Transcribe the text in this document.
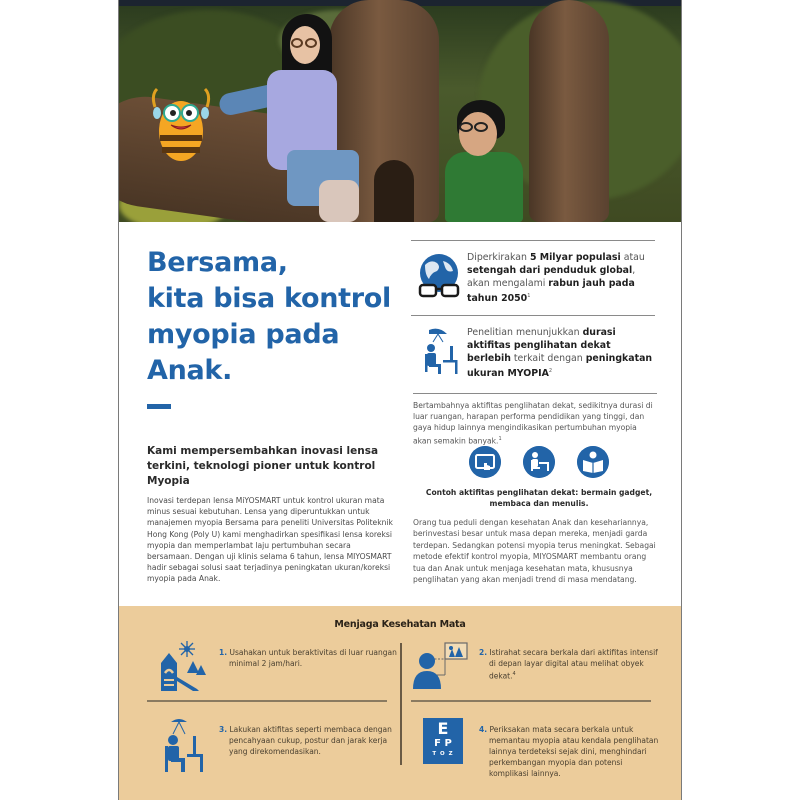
Bersama,
kita bisa kontrol
myopia pada
Anak.
Kami mempersembahkan inovasi lensa terkini, teknologi pioner untuk kontrol Myopia
Inovasi terdepan lensa MiYOSMART untuk kontrol ukuran mata minus sesuai kebutuhan. Lensa yang diperuntukkan untuk manajemen myopia Bersama para peneliti Universitas Politeknik Hong Kong (Poly U) kami menghadirkan spesifikasi lensa koreksi myopia dan memperlambat laju pertumbuhan secara bersamaan. Dengan uji klinis selama 6 tahun, lensa MIYOSMART hadir sebagai solusi saat terjadinya peningkatan ukuran/koreksi myopia pada Anak.
Diperkirakan 5 Milyar populasi atau setengah dari penduduk global, akan mengalami rabun jauh pada tahun 2050$^1$
Penelitian menunjukkan durasi aktifitas penglihatan dekat berlebih terkait dengan peningkatan ukuran MYOPIA$^2$
Bertambahnya aktifitas penglihatan dekat, sedikitnya durasi di luar ruangan, harapan performa pendidikan yang tinggi, dan gaya hidup lainnya mengindikasikan pertumbuhan myopia akan semakin banyak.$^1$
Contoh aktifitas penglihatan dekat: bermain gadget, membaca dan menulis.
Orang tua peduli dengan kesehatan Anak dan kesehariannya, berinvestasi besar untuk masa depan mereka, menjadi garda terdepan. Sedangkan potensi myopia terus meningkat. Sebagai metode efektif kontrol myopia, MIYOSMART membantu orang tua dan Anak untuk menjaga kesehatan mata, khususnya penglihatan yang akan menjadi trend di masa mendatang.
Menjaga Kesehatan Mata
1. Usahakan untuk beraktivitas di luar ruangan minimal 2 jam/hari.
2. Istirahat secara berkala dari aktifitas intensif di depan layar digital atau melihat obyek dekat.$^4$
3. Lakukan aktifitas seperti membaca dengan pencahyaan cukup, postur dan jarak kerja yang direkomendasikan.
E
F P
T O Z
4. Periksakan mata secara berkala untuk memantau myopia atau kendala penglihatan lainnya terdeteksi sejak dini, menghindari perkembangan myopia dan potensi komplikasi lainnya.
